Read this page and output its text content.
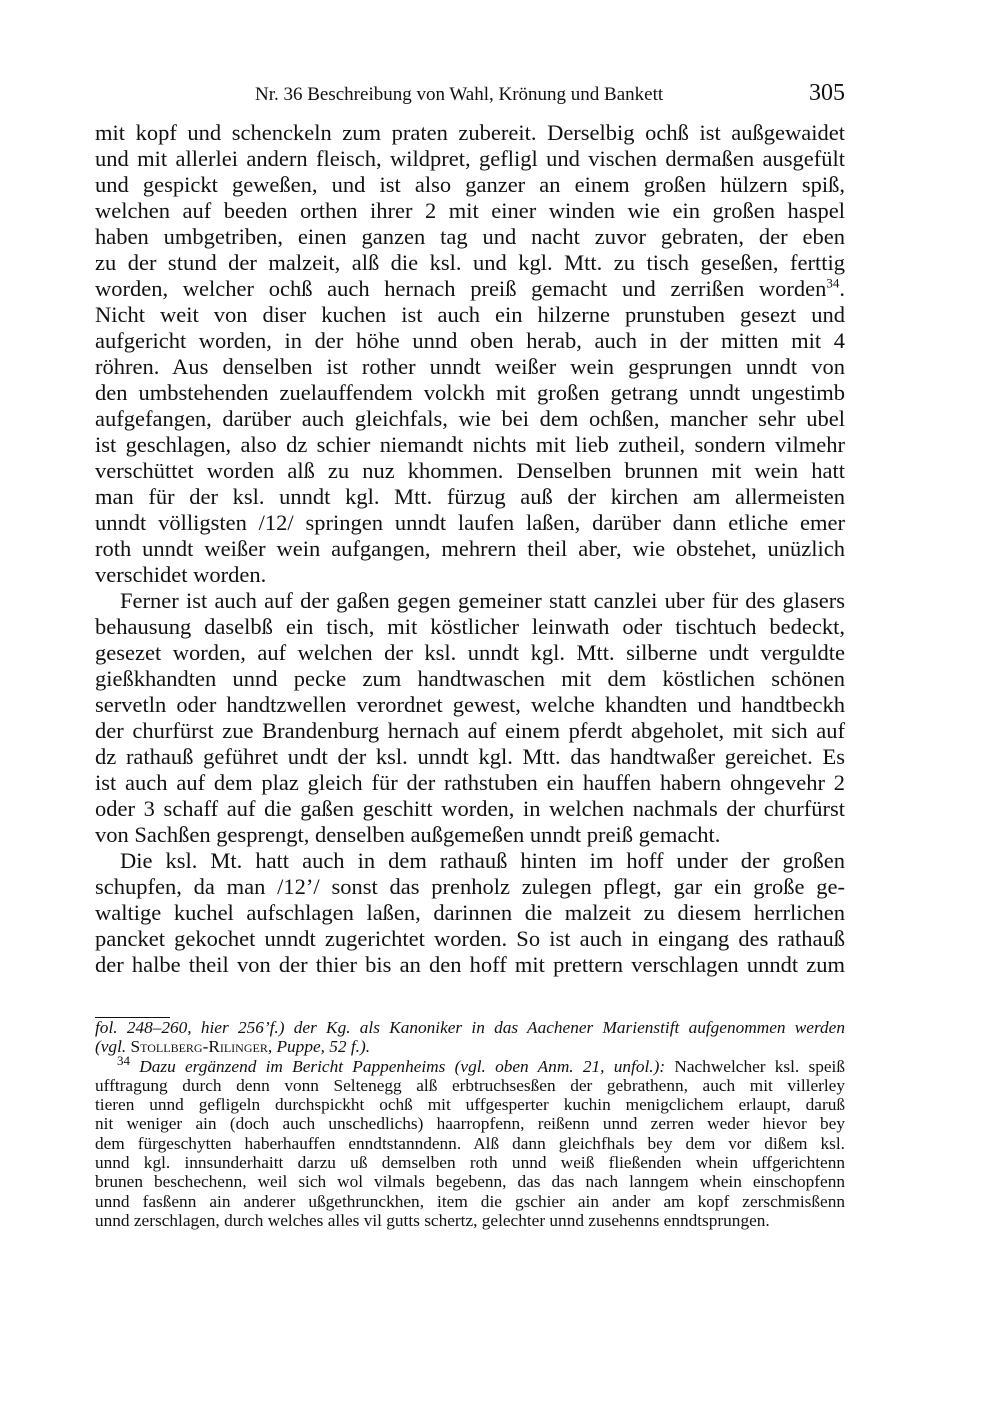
Nr. 36 Beschreibung von Wahl, Krönung und Bankett	305
mit kopf und schenckeln zum praten zubereit. Derselbig ochß ist außgewaidet
und mit allerlei andern fleisch, wildpret, gefligl und vischen dermaßen ausgefült
und gespickt geweßen, und ist also ganzer an einem großen hülzern spiß,
welchen auf beeden orthen ihrer 2 mit einer winden wie ein großen haspel
haben umbgetriben, einen ganzen tag und nacht zuvor gebraten, der eben
zu der stund der malzeit, alß die ksl. und kgl. Mtt. zu tisch geseßen, ferttig
worden, welcher ochß auch hernach preiß gemacht und zerrißen worden$^{34}$.
Nicht weit von diser kuchen ist auch ein hilzerne prunstuben gesezt und
aufgericht worden, in der höhe unnd oben herab, auch in der mitten mit 4
röhren. Aus denselben ist rother unndt weißer wein gesprungen unndt von
den umbstehenden zuelauffendem volckh mit großen getrang unndt ungestimb
aufgefangen, darüber auch gleichfals, wie bei dem ochßen, mancher sehr ubel
ist geschlagen, also dz schier niemandt nichts mit lieb zutheil, sondern vilmehr
verschüttet worden alß zu nuz khommen. Denselben brunnen mit wein hatt
man für der ksl. unndt kgl. Mtt. fürzug auß der kirchen am allermeisten
unndt völligsten /12/ springen unndt laufen laßen, darüber dann etliche emer
roth unndt weißer wein aufgangen, mehrern theil aber, wie obstehet, unüzlich
verschidet worden.
Ferner ist auch auf der gaßen gegen gemeiner statt canzlei uber für des glasers
behausung daselbß ein tisch, mit köstlicher leinwath oder tischtuch bedeckt,
gesezet worden, auf welchen der ksl. unndt kgl. Mtt. silberne undt verguldte
gießkhandten unnd pecke zum handtwaschen mit dem köstlichen schönen
servetln oder handtzwellen verordnet gewest, welche khandten und handtbeckh
der churfürst zue Brandenburg hernach auf einem pferdt abgeholet, mit sich auf
dz rathauß geführet undt der ksl. unndt kgl. Mtt. das handtwaßer gereichet. Es
ist auch auf dem plaz gleich für der rathstuben ein hauffen habern ohngevehr 2
oder 3 schaff auf die gaßen geschitt worden, in welchen nachmals der churfürst
von Sachßen gesprengt, denselben außgemeßen unndt preiß gemacht.
Die ksl. Mt. hatt auch in dem rathauß hinten im hoff under der großen
schupfen, da man /12’/ sonst das prenholz zulegen pflegt, gar ein große ge-
waltige kuchel aufschlagen laßen, darinnen die malzeit zu diesem herrlichen
pancket gekochet unndt zugerichtet worden. So ist auch in eingang des rathauß
der halbe theil von der thier bis an den hoff mit prettern verschlagen unndt zum
fol. 248–260, hier 256’f.) der Kg. als Kanoniker in das Aachener Marienstift aufgenommen werden
(vgl. Stollberg-Rilinger, Puppe, 52 f.).
$^{34}$ Dazu ergänzend im Bericht Pappenheims (vgl. oben Anm. 21, unfol.): Nachwelcher ksl. speiß
ufftragung durch denn vonn Seltenegg alß erbtruchsesßen der gebrathenn, auch mit villerley
tieren unnd gefligeln durchspickht ochß mit uffgesperter kuchin menigclichem erlaupt, daruß
nit weniger ain (doch auch unschedlichs) haarropfenn, reißenn unnd zerren weder hievor bey
dem fürgeschytten haberhauffen enndtstanndenn. Alß dann gleichfhals bey dem vor dißem ksl.
unnd kgl. innsunderhaitt darzu uß demselben roth unnd weiß fließenden whein uffgerichtenn
brunen beschechenn, weil sich wol vilmals begebenn, das das nach lanngem whein einschopfenn
unnd fasßenn ain anderer ußgethrunckhen, item die gschier ain ander am kopf zerschmisßenn
unnd zerschlagen, durch welches alles vil gutts schertz, gelechter unnd zusehenns enndtsprungen.
